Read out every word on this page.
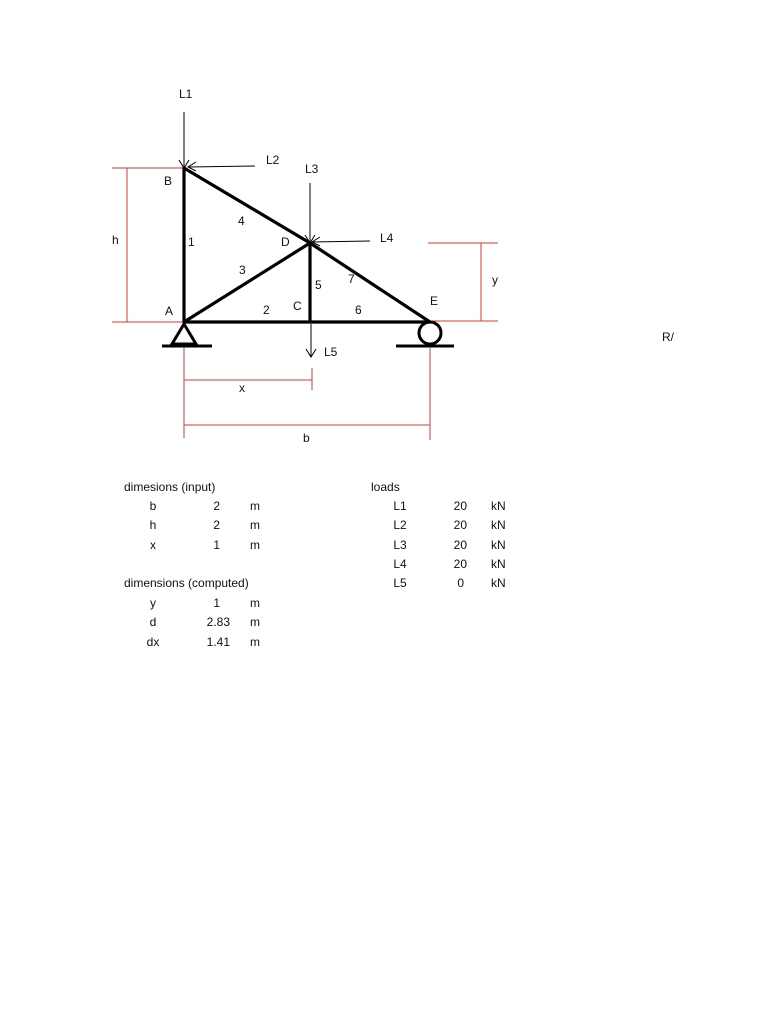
L1
L2
L3
L4
L5
B
D
A	C	E
1
2
3
4
5
6
7
h
y
x
b
R/
dimesions (input)
b	2	m
h	2	m
x	1	m
dimensions (computed)
y	1	m
d	2.83 m
dx	1.41 m
loads
L1	20 kN
L2	20 kN
L3	20 kN
L4	20 kN
L5	0 kN
